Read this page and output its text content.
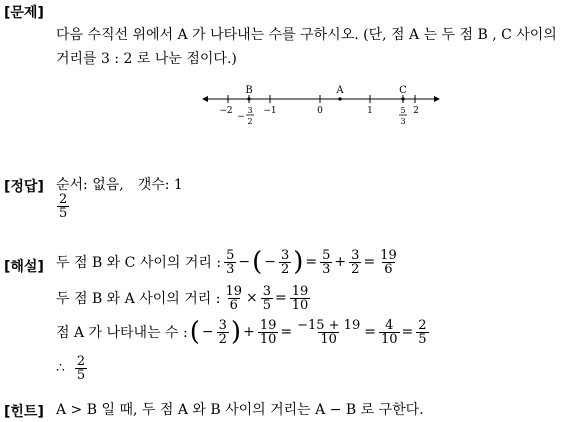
[문제]
다음 수직선 위에서 A 가 나타내는 수를 구하시오. (단, 점 A 는 두 점 B , C 사이의
거리를 3 : 2 로 나눈 점이다.)
B	A	C
−2
−
3
2
−1	0	1	5
3
2
[정답] 순서: 없음,　갯수: 1
$\frac{2}{5}$
[해설] 두 점 B 와 C 사이의 거리 : $\frac{5}{3}$ − ( − $\frac{3}{2}$ ) = $\frac{5}{3} + \frac{3}{2} = \frac{19}{6}$
두 점 B 와 A 사이의 거리 : $\frac{19}{6} \times \frac{3}{5} = \frac{19}{10}$
점 A 가 나타내는 수 : ( − $\frac{3}{2}$ ) + $\frac{19}{10} = \frac{-15 + 19}{10} = \frac{4}{10} = \frac{2}{5}$
∴ $\frac{2}{5}$
[힌트] A > B 일 때, 두 점 A 와 B 사이의 거리는 A − B 로 구한다.
